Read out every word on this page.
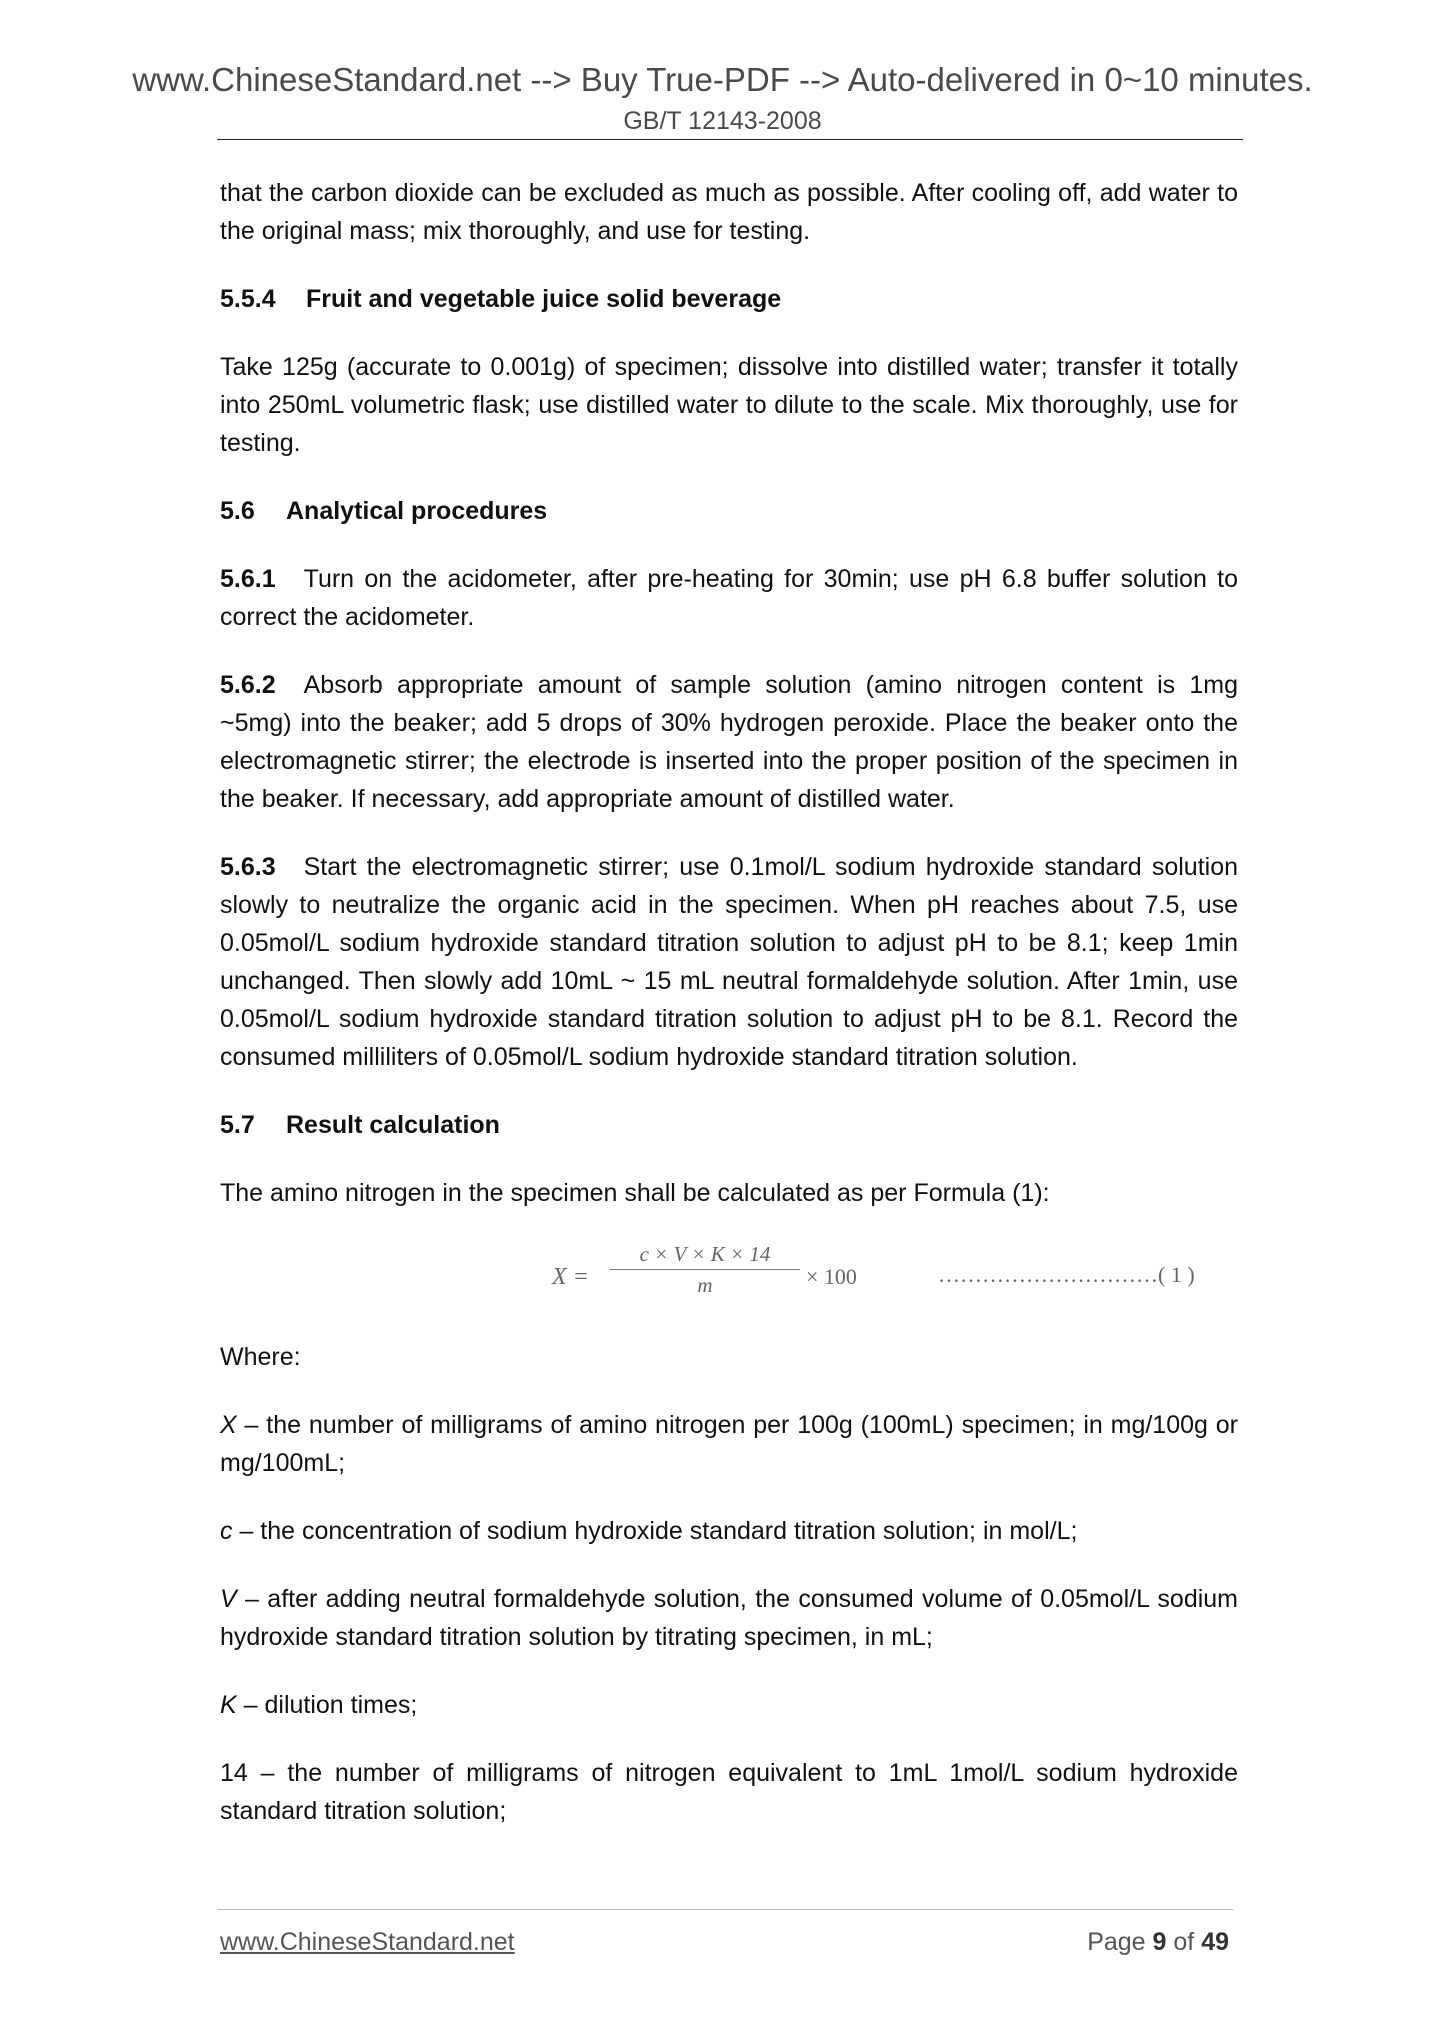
www.ChineseStandard.net --> Buy True-PDF --> Auto-delivered in 0~10 minutes.
GB/T 12143-2008

that the carbon dioxide can be excluded as much as possible. After cooling off, add water to the original mass; mix thoroughly, and use for testing.

5.5.4 Fruit and vegetable juice solid beverage

Take 125g (accurate to 0.001g) of specimen; dissolve into distilled water; transfer it totally into 250mL volumetric flask; use distilled water to dilute to the scale. Mix thoroughly, use for testing.

5.6 Analytical procedures

5.6.1 Turn on the acidometer, after pre-heating for 30min; use pH 6.8 buffer solution to correct the acidometer.

5.6.2 Absorb appropriate amount of sample solution (amino nitrogen content is 1mg ~5mg) into the beaker; add 5 drops of 30% hydrogen peroxide. Place the beaker onto the electromagnetic stirrer; the electrode is inserted into the proper position of the specimen in the beaker. If necessary, add appropriate amount of distilled water.

5.6.3 Start the electromagnetic stirrer; use 0.1mol/L sodium hydroxide standard solution slowly to neutralize the organic acid in the specimen. When pH reaches about 7.5, use 0.05mol/L sodium hydroxide standard titration solution to adjust pH to be 8.1; keep 1min unchanged. Then slowly add 10mL ~ 15 mL neutral formaldehyde solution. After 1min, use 0.05mol/L sodium hydroxide standard titration solution to adjust pH to be 8.1. Record the consumed milliliters of 0.05mol/L sodium hydroxide standard titration solution.

5.7 Result calculation

The amino nitrogen in the specimen shall be calculated as per Formula (1):

X =
c × V × K × 14
m	× 100	…………………………( 1 )

Where:

X – the number of milligrams of amino nitrogen per 100g (100mL) specimen; in mg/100g or mg/100mL;

c – the concentration of sodium hydroxide standard titration solution; in mol/L;

V – after adding neutral formaldehyde solution, the consumed volume of 0.05mol/L sodium hydroxide standard titration solution by titrating specimen, in mL;

K – dilution times;

14 – the number of milligrams of nitrogen equivalent to 1mL 1mol/L sodium hydroxide standard titration solution;

www.ChineseStandard.net	Page 9 of 49
